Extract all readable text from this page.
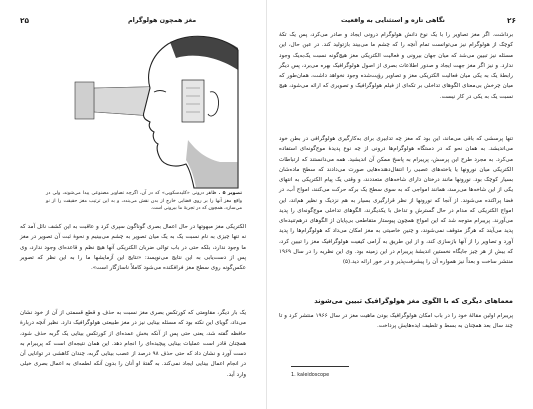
۲۵	مغز همچون هولوگرام

تصویر ۵ . ظاهر درونی «کلیدسکوپی» که در آن، اگرچه تصاویر مصنوعی پیدا می‌شوند، ولی در واقع مغز آنها را بر روی فضایی خارج از بدن نقش می‌بندد، و به این ترتیب مغز حقیقت را از نو می‌سازد، همچون که در تجربهٔ ما بیرونی است.

الکتریکی مغز مبهوتها در حال اعمال بصری گوناگون سپری کرد و عاقبت به این کشف نائل آمد که نه تنها چیزی به نام نسبت یک به یک میان تصویر به چشم می‌بینیم و نحوهٔ ثبت آن تصویر در مغز ما وجود ندارد، بلکه حتی در باب توالی ضربان الکتریکی آنها هیچ نظم و قاعده‌ای وجود ندارد، وی پس از دست‌یابی به این نتایج می‌نویسد: «نتایج این آزمایشها ما را به این نظر که تصویر عکس‌گونه روی سطح مغز فرافکنده می‌شود کاملاً ناسازگار است».

یک بار دیگر، مقاومتی که کورتکس بصری مغز نسبت به حذف و قطع قسمتی از آن از خود نشان می‌داد، گویای این نکته بود که مسئله بینایی نیز در مغز طبیعتی هولوگرافیک دارد. نظیر آنچه دربارهٔ حافظه گفته شد، یعنی حتی پس از آنکه بخش عمده‌ای از کورتکس بینایی یک گربه حذف شود، همچنان قادر است عملیات بینایی پیچیده‌ای را انجام دهد. این همان نتیجه‌ای است که پریبرام به دست آورد و نشان داد که حتی حذف ۹۸ درصد از عصب بینایی گربه، چندان کاهشی در توانایی آن در انجام اعمال بینایی ایجاد نمی‌کند. به گفتهٔ او آنان را بدون آنکه لطمه‌ای به اعمال بصری خیلی وارد آید.

نگاهی تازه و استثنایی به واقعیت	۲۶

برداشت. اگر مغز تصاویر را با یک نوع دانش هولوگرام درونی ایجاد و صادر می‌کرد، پس یک تکهٔ کوچک از هولوگرام نیز می‌توانست تمام آنچه را که چشم ما می‌بیند بازتولید کند. در عین حال، این مسئله نیز تبیین می‌شد که میان جهان بیرونی و فعالیت الکتریکی مغز هیچ‌گونه نسبت یک‌به‌یک وجود ندارد. و نیز اگر مغز جهت ایجاد و صدور اطلاعات بصری از اصول هولوگرافیک بهره می‌برد، پس دیگر رابطهٔ یک به یکی میان فعالیت الکتریکی مغز و تصاویر رؤیت‌شده وجود نخواهد داشت، همان‌طور که میان چرخش بی‌معنای الگوهای تداخلی بر تکه‌ای از فیلم هولوگرافیک و تصویری که ارائه می‌شود، هیچ نسبت یک به یکی در کار نیست.

تنها پرسشی که باقی می‌ماند، این بود که مغز چه تدابیری برای به‌کارگیری هولوگرافی در بطن خود می‌اندیشد. به همان نحو که در دستگاه هولوگرام‌ها درونی از چه نوع پدیدهٔ موج‌گونه‌ای استفاده می‌کرد. به مجرد طرح این پرسش، پریبرام به پاسخ ممکن آن اندیشید. همه می‌دانستند که ارتباطات الکتریکی میان نورونها یا یاخته‌های عصبی را انتقال‌دهنده‌هایی صورت می‌دادند که سطح ماده‌شان بسیار کوچک بود. نورونها مانند درختان دارای شاخه‌های متعددند، و وقتی یک پیام الکتریکی به انتهای یکی از این شاخه‌ها می‌رسد، همانند امواجی که به سوی سطح یک برکه حرکت می‌کنند، امواج آب، در فضا پراکنده می‌شوند. از آنجا که نورونها از نظر قرارگیری بسیار به هم نزدیک و نظیر هم‌اند، این امواج الکتریکی که مدام در حال گسترش و تداخل با یکدیگرند، الگوهای تداخلی موج‌گونه‌ای را پدید می‌آورند. پریبرام متوجه شد که این امواج همچون پیوستار متقاطعی بی‌پایان از الگوهای درهم‌تنیده‌ای پدید می‌آیند که هرگز متوقف نمی‌شوند، و چنین خاصیتی به مغز امکان می‌داد که هولوگرام‌ها را پدید آورد و تصاویر را از آنها بازسازی کند، و از این طریق به آرامی کیفیت هولوگرافیک مغز را تبیین کرد، که بیش از هر چیز جایگاه نخستین اندیشهٔ پریبرام در این زمینه بود. وی این نظریه را در سال ۱۹۶۹ منتشر ساخت و بعداً نیز همواره آن را پیشرفت‌پذیر و در خور ارائه دید.(۵)

معماهای دیگری که با الگوی مغز هولوگرافیک تبیین می‌شوند

پریبرام اولین مقالهٔ خود را در باب امکان هولوگرافیک بودن ماهیت مغز در سال ۱۹۶۶ منتشر کرد و تا چند سال بعد همچنان به بسط و تلطیف ایده‌هایش پرداخت.

1. kaleidoscope
